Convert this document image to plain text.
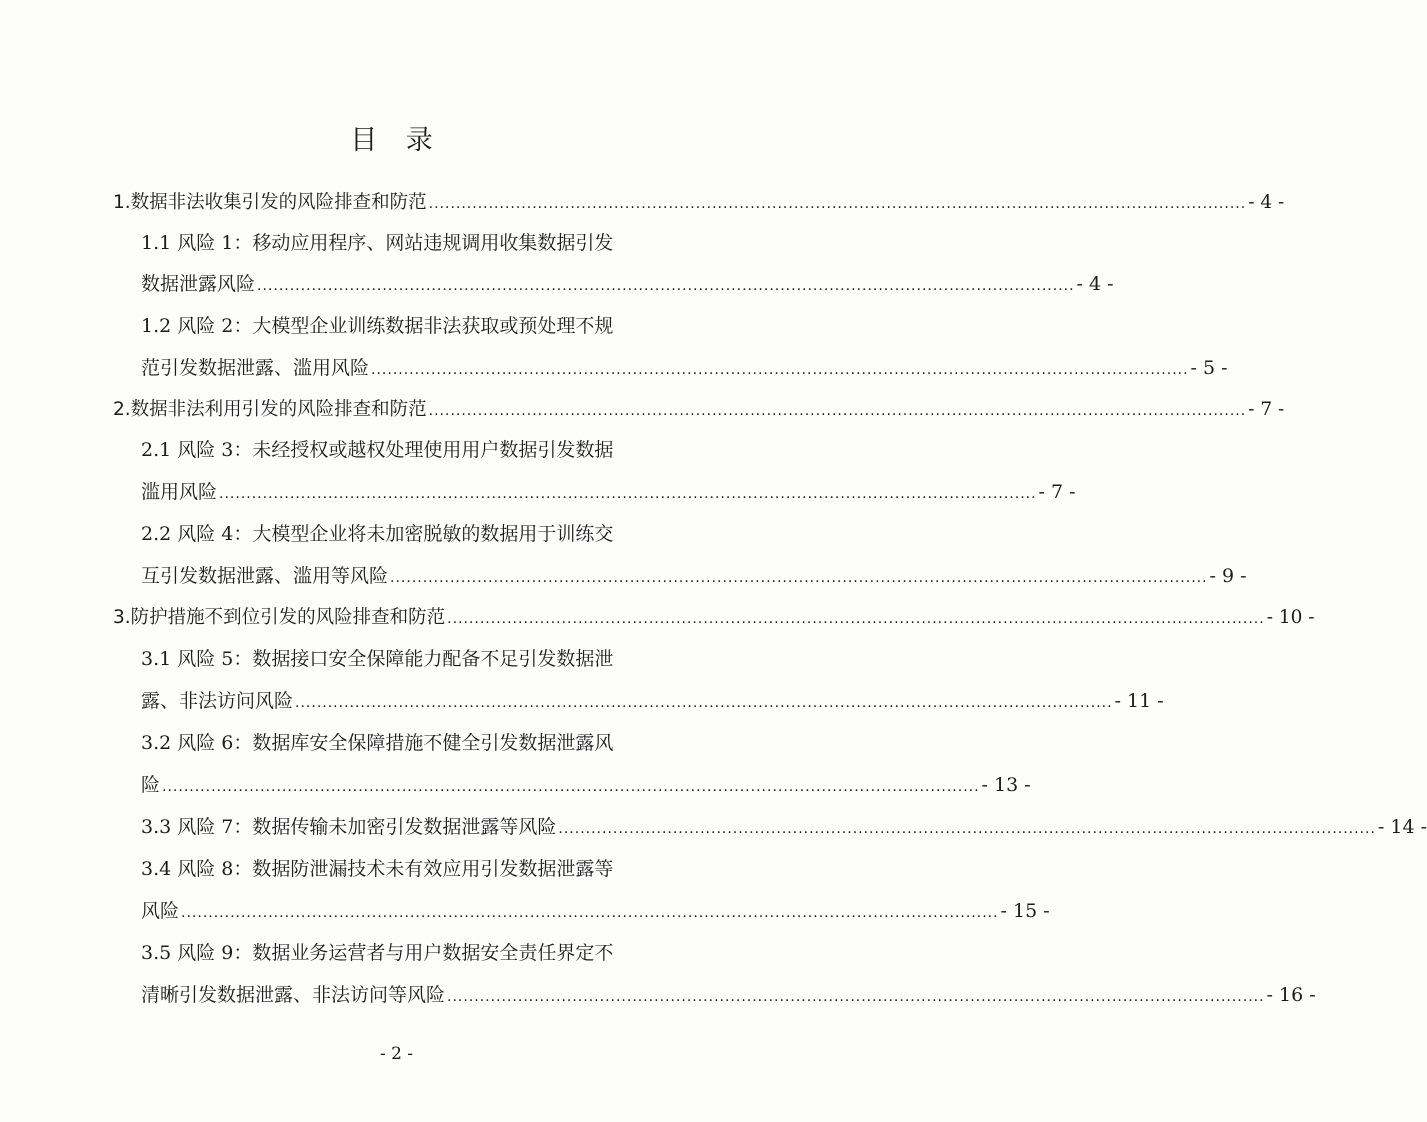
目 录
1.数据非法收集引发的风险排查和防范 ...................................................................................................................................................... - 4 -
1.1 风险 1：移动应用程序、网站违规调用收集数据引发
数据泄露风险 ...................................................................................................................................................... - 4 -
1.2 风险 2：大模型企业训练数据非法获取或预处理不规
范引发数据泄露、滥用风险 ...................................................................................................................................................... - 5 -
2.数据非法利用引发的风险排查和防范 ...................................................................................................................................................... - 7 -
2.1 风险 3：未经授权或越权处理使用用户数据引发数据
滥用风险 ...................................................................................................................................................... - 7 -
2.2 风险 4：大模型企业将未加密脱敏的数据用于训练交
互引发数据泄露、滥用等风险 ...................................................................................................................................................... - 9 -
3.防护措施不到位引发的风险排查和防范 ...................................................................................................................................................... - 10 -
3.1 风险 5：数据接口安全保障能力配备不足引发数据泄
露、非法访问风险 ...................................................................................................................................................... - 11 -
3.2 风险 6：数据库安全保障措施不健全引发数据泄露风
险 ...................................................................................................................................................... - 13 -
3.3 风险 7：数据传输未加密引发数据泄露等风险 ...................................................................................................................................................... - 14 -
3.4 风险 8：数据防泄漏技术未有效应用引发数据泄露等
风险 ...................................................................................................................................................... - 15 -
3.5 风险 9：数据业务运营者与用户数据安全责任界定不
清晰引发数据泄露、非法访问等风险 ...................................................................................................................................................... - 16 -
- 2 -
